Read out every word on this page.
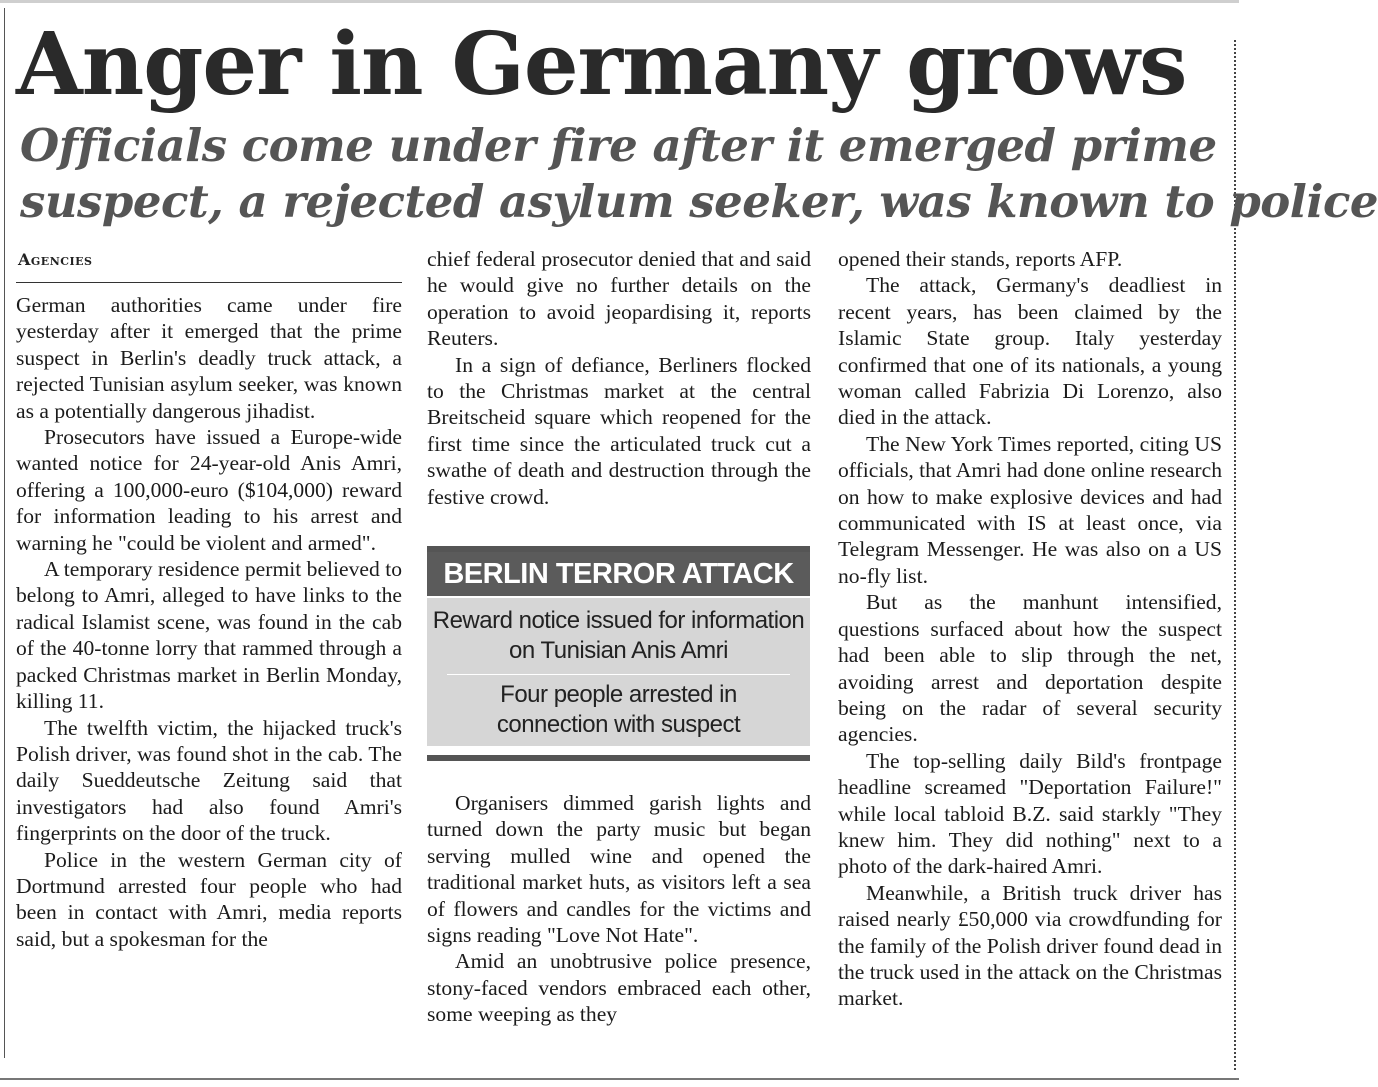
Anger in Germany grows
Officials come under fire after it emerged prime
suspect, a rejected asylum seeker, was known to police
Agencies

German authorities came under fire yesterday after it emerged that the prime suspect in Berlin's deadly truck attack, a rejected Tunisian asylum seeker, was known as a potentially dangerous jihadist.

Prosecutors have issued a Europe-wide wanted notice for 24-year-old Anis Amri, offering a 100,000-euro ($104,000) reward for information leading to his arrest and warning he "could be violent and armed".

A temporary residence permit believed to belong to Amri, alleged to have links to the radical Islamist scene, was found in the cab of the 40-tonne lorry that rammed through a packed Christmas market in Berlin Monday, killing 11.

The twelfth victim, the hijacked truck's Polish driver, was found shot in the cab. The daily Sueddeutsche Zeitung said that investigators had also found Amri's fingerprints on the door of the truck.

Police in the western German city of Dortmund arrested four people who had been in contact with Amri, media reports said, but a spokesman for the

chief federal prosecutor denied that and said he would give no further details on the operation to avoid jeopardising it, reports Reuters.

In a sign of defiance, Berliners flocked to the Christmas market at the central Breitscheid square which reopened for the first time since the articulated truck cut a swathe of death and destruction through the festive crowd.

BERLIN TERROR ATTACK
Reward notice issued for information
on Tunisian Anis Amri
Four people arrested in
connection with suspect

Organisers dimmed garish lights and turned down the party music but began serving mulled wine and opened the traditional market huts, as visitors left a sea of flowers and candles for the victims and signs reading "Love Not Hate".

Amid an unobtrusive police presence, stony-faced vendors embraced each other, some weeping as they

opened their stands, reports AFP.

The attack, Germany's deadliest in recent years, has been claimed by the Islamic State group. Italy yesterday confirmed that one of its nationals, a young woman called Fabrizia Di Lorenzo, also died in the attack.

The New York Times reported, citing US officials, that Amri had done online research on how to make explosive devices and had communicated with IS at least once, via Telegram Messenger. He was also on a US no-fly list.

But as the manhunt intensified, questions surfaced about how the suspect had been able to slip through the net, avoiding arrest and deportation despite being on the radar of several security agencies.

The top-selling daily Bild's frontpage headline screamed "Deportation Failure!" while local tabloid B.Z. said starkly "They knew him. They did nothing" next to a photo of the dark-haired Amri.

Meanwhile, a British truck driver has raised nearly £50,000 via crowdfunding for the family of the Polish driver found dead in the truck used in the attack on the Christmas market.
